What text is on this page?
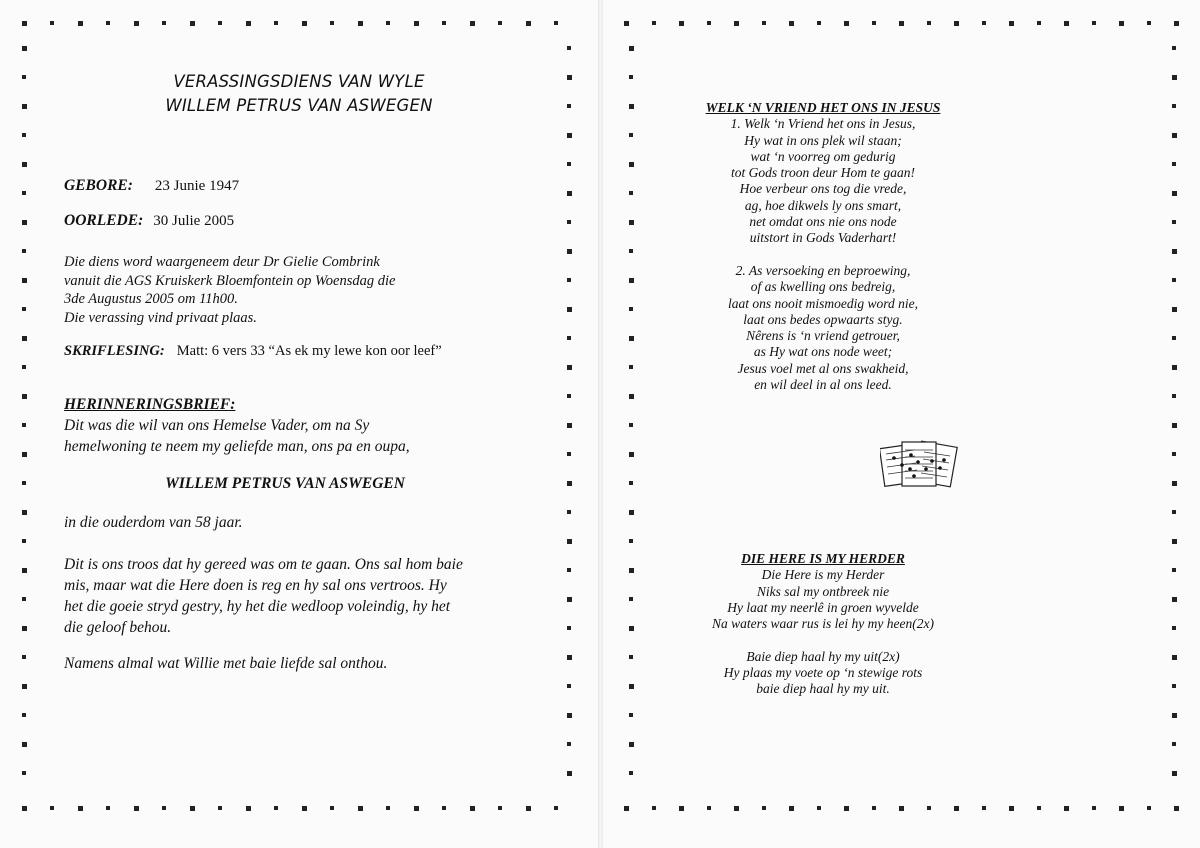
VERASSINGSDIENS VAN WYLE
WILLEM PETRUS VAN ASWEGEN
GEBORE: 23 Junie 1947
OORLEDE: 30 Julie 2005
Die diens word waargeneem deur Dr Gielie Combrink
vanuit die AGS Kruiskerk Bloemfontein op Woensdag die
3de Augustus 2005 om 11h00.
Die verassing vind privaat plaas.
SKRIFLESING: Matt: 6 vers 33 “As ek my lewe kon oor leef”
HERINNERINGSBRIEF:
Dit was die wil van ons Hemelse Vader, om na Sy
hemelwoning te neem my geliefde man, ons pa en oupa,
WILLEM PETRUS VAN ASWEGEN
in die ouderdom van 58 jaar.
Dit is ons troos dat hy gereed was om te gaan. Ons sal hom baie
mis, maar wat die Here doen is reg en hy sal ons vertroos. Hy
het die goeie stryd gestry, hy het die wedloop voleindig, hy het
die geloof behou.
Namens almal wat Willie met baie liefde sal onthou.
WELK ‘N VRIEND HET ONS IN JESUS
1. Welk ‘n Vriend het ons in Jesus,
Hy wat in ons plek wil staan;
wat ‘n voorreg om gedurig
tot Gods troon deur Hom te gaan!
Hoe verbeur ons tog die vrede,
ag, hoe dikwels ly ons smart,
net omdat ons nie ons node
uitstort in Gods Vaderhart!
2. As versoeking en beproewing,
of as kwelling ons bedreig,
laat ons nooit mismoedig word nie,
laat ons bedes opwaarts styg.
Nêrens is ‘n vriend getrouer,
as Hy wat ons node weet;
Jesus voel met al ons swakheid,
en wil deel in al ons leed.
DIE HERE IS MY HERDER
Die Here is my Herder
Niks sal my ontbreek nie
Hy laat my neerlê in groen wyvelde
Na waters waar rus is lei hy my heen(2x)
Baie diep haal hy my uit(2x)
Hy plaas my voete op ‘n stewige rots
baie diep haal hy my uit.
